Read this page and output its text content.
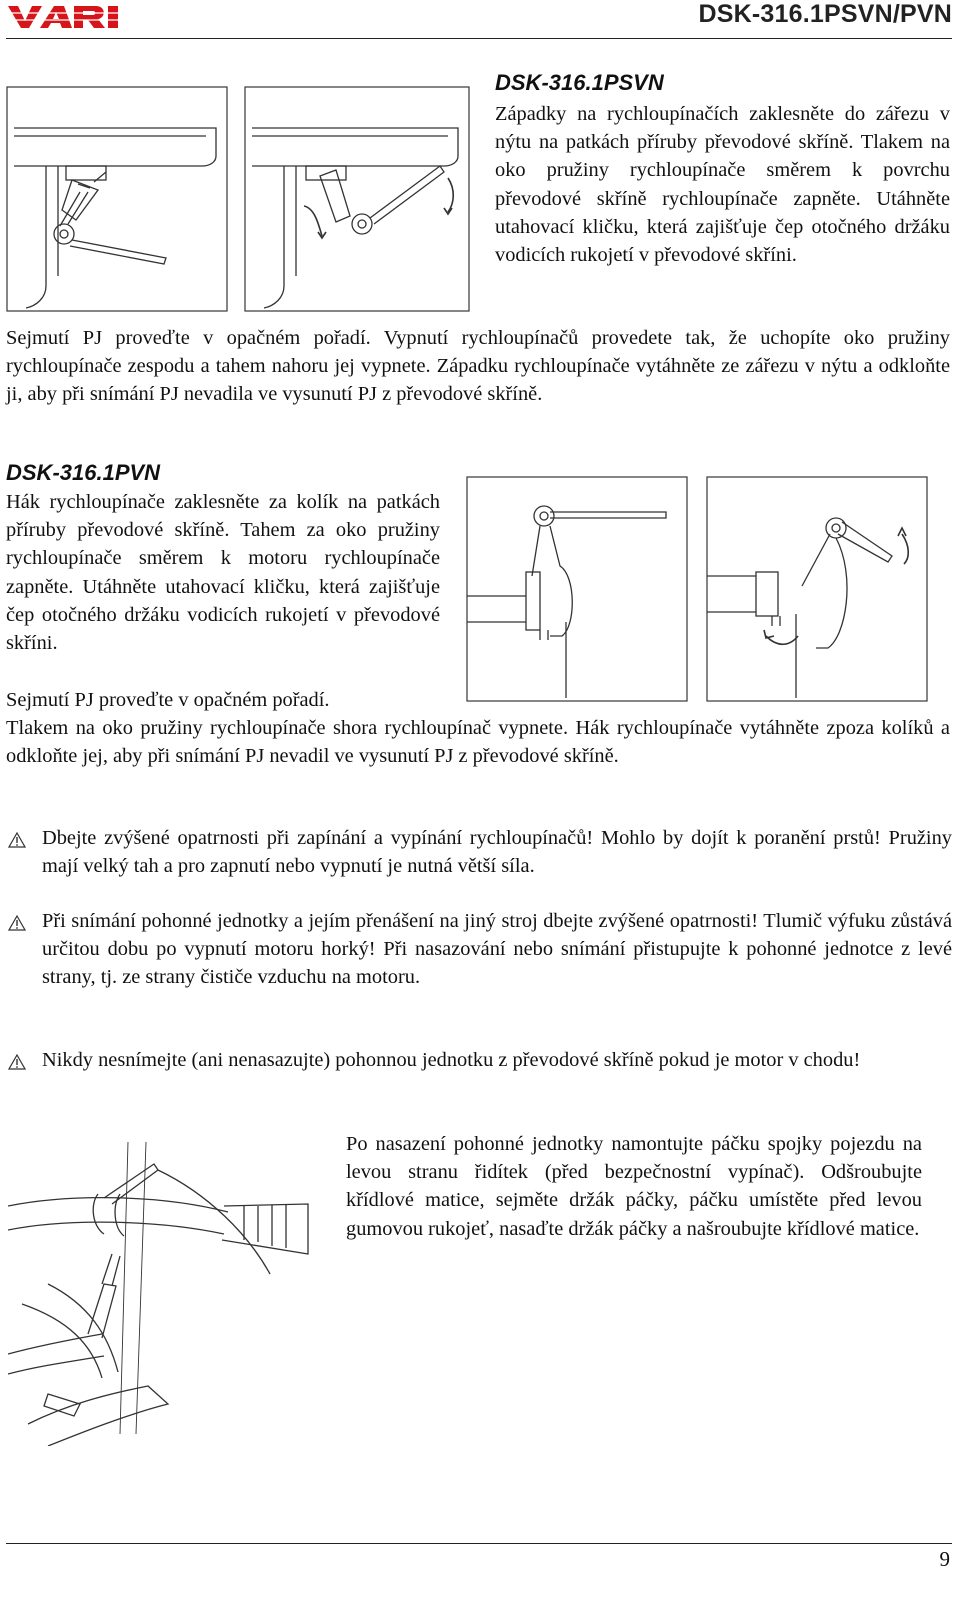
VARI	DSK-316.1PSVN/PVN
DSK-316.1PSVN

Západky na rychloupínačích zaklesněte do zářezu v nýtu na patkách příruby převodové skříně. Tlakem na oko pružiny rychloupínače směrem k povrchu převodové skříně rychloupínače zapněte. Utáhněte utahovací kličku, která zajišťuje čep otočného držáku vodicích rukojetí v převodové skříni.

Sejmutí PJ proveďte v opačném pořadí. Vypnutí rychloupínačů provedete tak, že uchopíte oko pružiny rychloupínače zespodu a tahem nahoru jej vypnete. Západku rychloupínače vytáhněte ze zářezu v nýtu a odkloňte ji, aby při snímání PJ nevadila ve vysunutí PJ z převodové skříně.

DSK-316.1PVN

Hák rychloupínače zaklesněte za kolík na patkách příruby převodové skříně. Tahem za oko pružiny rychloupínače směrem k motoru rychloupínače zapněte. Utáhněte utahovací kličku, která zajišťuje čep otočného držáku vodicích rukojetí v převodové skříni.

Sejmutí PJ proveďte v opačném pořadí.

Tlakem na oko pružiny rychloupínače shora rychloupínač vypnete. Hák rychloupínače vytáhněte zpoza kolíků a odkloňte jej, aby při snímání PJ nevadil ve vysunutí PJ z převodové skříně.

Dbejte zvýšené opatrnosti při zapínání a vypínání rychloupínačů! Mohlo by dojít k poranění prstů! Pružiny mají velký tah a pro zapnutí nebo vypnutí je nutná větší síla.

Při snímání pohonné jednotky a jejím přenášení na jiný stroj dbejte zvýšené opatrnosti! Tlumič výfuku zůstává určitou dobu po vypnutí motoru horký! Při nasazování nebo snímání přistupujte k pohonné jednotce z levé strany, tj. ze strany čističe vzduchu na motoru.

Nikdy nesnímejte (ani nenasazujte) pohonnou jednotku z převodové skříně pokud je motor v chodu!

Po nasazení pohonné jednotky namontujte páčku spojky pojezdu na levou stranu řidítek (před bezpečnostní vypínač). Odšroubujte křídlové matice, sejměte držák páčky, páčku umístěte před levou gumovou rukojeť, nasaďte držák páčky a našroubujte křídlové matice.

9
